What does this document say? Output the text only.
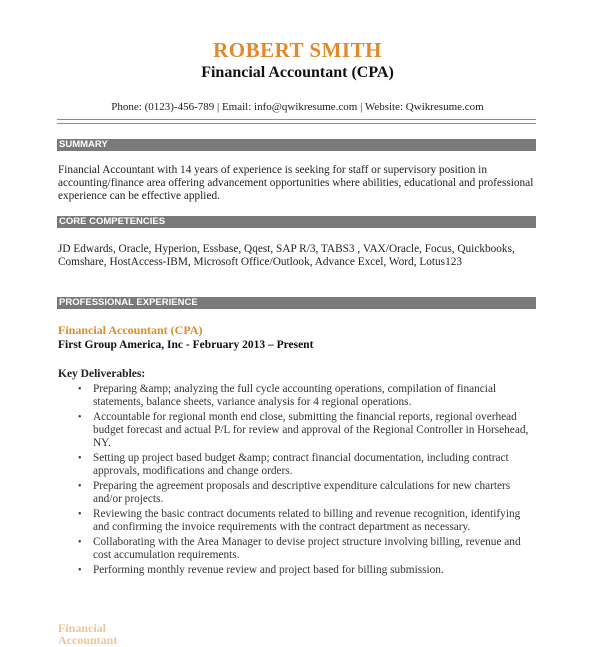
ROBERT SMITH
Financial Accountant (CPA)
Phone: (0123)-456-789 | Email: info@qwikresume.com | Website: Qwikresume.com
SUMMARY

Financial Accountant with 14 years of experience is seeking for staff or supervisory position in accounting/finance area offering advancement opportunities where abilities, educational and professional experience can be effective applied.

CORE COMPETENCIES

JD Edwards, Oracle, Hyperion, Essbase, Qqest, SAP R/3, TABS3 , VAX/Oracle, Focus, Quickbooks, Comshare, HostAccess-IBM, Microsoft Office/Outlook, Advance Excel, Word, Lotus123

PROFESSIONAL EXPERIENCE
Financial Accountant (CPA)
First Group America, Inc - February 2013 – Present
Key Deliverables:
• Preparing &amp; analyzing the full cycle accounting operations, compilation of financial statements, balance sheets, variance analysis for 4 regional operations.
• Accountable for regional month end close, submitting the financial reports, regional overhead budget forecast and actual P/L for review and approval of the Regional Controller in Horsehead, NY.
• Setting up project based budget &amp; contract financial documentation, including contract approvals, modifications and change orders.
• Preparing the agreement proposals and descriptive expenditure calculations for new charters and/or projects.
• Reviewing the basic contract documents related to billing and revenue recognition, identifying and confirming the invoice requirements with the contract department as necessary.
• Collaborating with the Area Manager to devise project structure involving billing, revenue and cost accumulation requirements.
• Performing monthly revenue review and project based for billing submission.
Financial Accountant
